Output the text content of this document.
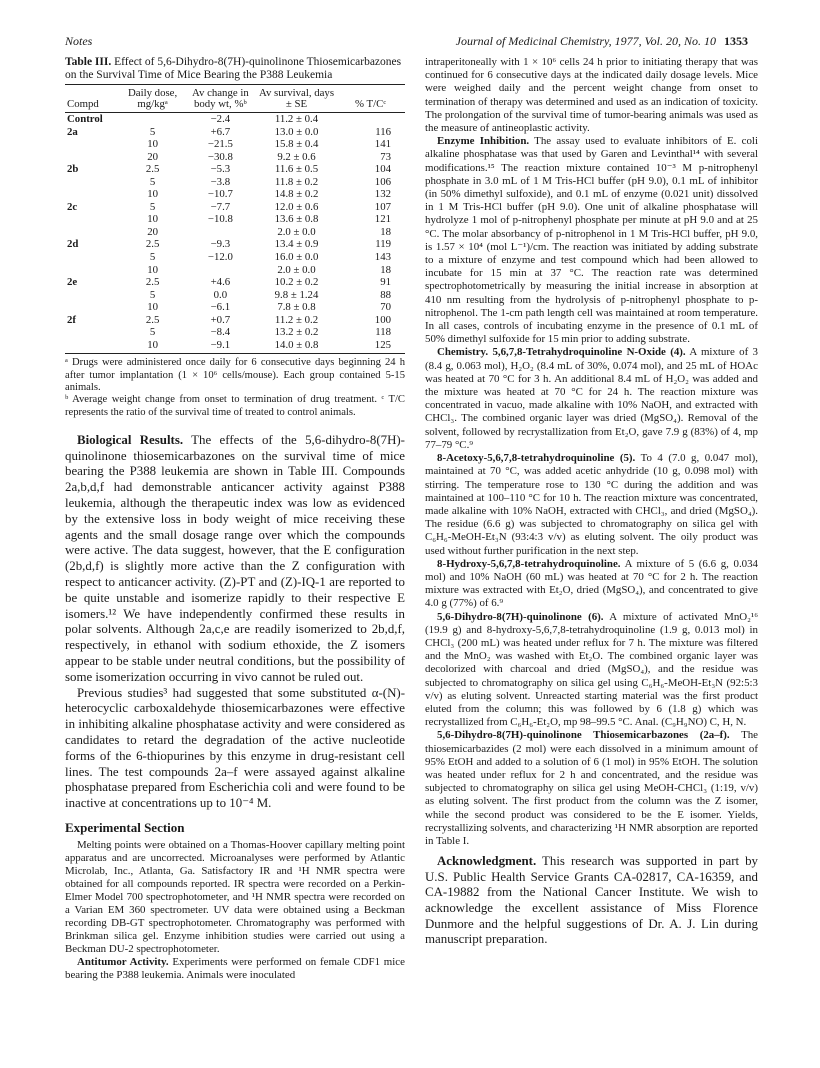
Notes	Journal of Medicinal Chemistry, 1977, Vol. 20, No. 10 1353

Table III. Effect of 5,6-Dihydro-8(7H)-quinolinone Thiosemicarbazones on the Survival Time of Mice Bearing the P388 Leukemia

Compd	Daily dose, mg/kgᵃ	Av change in body wt, %ᵇ	Av survival, days ± SE	% T/Cᶜ
Control		−2.4	11.2 ± 0.4	
2a	5	+6.7	13.0 ± 0.0	116
	10	−21.5	15.8 ± 0.4	141
	20	−30.8	9.2 ± 0.6	73
2b	2.5	−5.3	11.6 ± 0.5	104
	5	−3.8	11.8 ± 0.2	106
	10	−10.7	14.8 ± 0.2	132
2c	5	−7.7	12.0 ± 0.6	107
	10	−10.8	13.6 ± 0.8	121
	20		2.0 ± 0.0	18
2d	2.5	−9.3	13.4 ± 0.9	119
	5	−12.0	16.0 ± 0.0	143
	10		2.0 ± 0.0	18
2e	2.5	+4.6	10.2 ± 0.2	91
	5	0.0	9.8 ± 1.24	88
	10	−6.1	7.8 ± 0.8	70
2f	2.5	+0.7	11.2 ± 0.2	100
	5	−8.4	13.2 ± 0.2	118
	10	−9.1	14.0 ± 0.8	125

ᵃ Drugs were administered once daily for 6 consecutive days beginning 24 h after tumor implantation (1 × 10⁶ cells/mouse). Each group contained 5-15 animals.

ᵇ Average weight change from onset to termination of drug treatment. ᶜ T/C represents the ratio of the survival time of treated to control animals.

Biological Results. The effects of the 5,6-dihydro-8(7H)-quinolinone thiosemicarbazones on the survival time of mice bearing the P388 leukemia are shown in Table III. Compounds 2a,b,d,f had demonstrable anticancer activity against P388 leukemia, although the therapeutic index was low as evidenced by the extensive loss in body weight of mice receiving these agents and the small dosage range over which the compounds were active. The data suggest, however, that the E configuration (2b,d,f) is slightly more active than the Z configuration with respect to anticancer activity. (Z)-PT and (Z)-IQ-1 are reported to be quite unstable and isomerize rapidly to their respective E isomers.¹² We have independently confirmed these results in polar solvents. Although 2a,c,e are readily isomerized to 2b,d,f, respectively, in ethanol with sodium ethoxide, the Z isomers appear to be stable under neutral conditions, but the possibility of some isomerization occurring in vivo cannot be ruled out.

Previous studies³ had suggested that some substituted α-(N)-heterocyclic carboxaldehyde thiosemicarbazones were effective in inhibiting alkaline phosphatase activity and were considered as candidates to retard the degradation of the active nucleotide forms of the 6-thiopurines by this enzyme in drug-resistant cell lines. The test compounds 2a–f were assayed against alkaline phosphatase prepared from Escherichia coli and were found to be inactive at concentrations up to 10⁻⁴ M.

Experimental Section

Melting points were obtained on a Thomas-Hoover capillary melting point apparatus and are uncorrected. Microanalyses were performed by Atlantic Microlab, Inc., Atlanta, Ga. Satisfactory IR and ¹H NMR spectra were obtained for all compounds reported. IR spectra were recorded on a Perkin-Elmer Model 700 spectrophotometer, and ¹H NMR spectra were recorded on a Varian EM 360 spectrometer. UV data were obtained using a Beckman recording DB-GT spectrophotometer. Chromatography was performed with Brinkman silica gel. Enzyme inhibition studies were carried out using a Beckman DU-2 spectrophotometer.

Antitumor Activity. Experiments were performed on female CDF1 mice bearing the P388 leukemia. Animals were inoculated

intraperitoneally with 1 × 10⁶ cells 24 h prior to initiating therapy that was continued for 6 consecutive days at the indicated daily dosage levels. Mice were weighed daily and the percent weight change from onset to termination of therapy was determined and used as an indication of toxicity. The prolongation of the survival time of tumor-bearing animals was used as the measure of antineoplastic activity.

Enzyme Inhibition. The assay used to evaluate inhibitors of E. coli alkaline phosphatase was that used by Garen and Levinthal¹⁴ with several modifications.¹⁵ The reaction mixture contained 10⁻³ M p-nitrophenyl phosphate in 3.0 mL of 1 M Tris-HCl buffer (pH 9.0), 0.1 mL of inhibitor (in 50% dimethyl sulfoxide), and 0.1 mL of enzyme (0.021 unit) dissolved in 1 M Tris-HCl buffer (pH 9.0). One unit of alkaline phosphatase will hydrolyze 1 mol of p-nitrophenyl phosphate per minute at pH 9.0 and at 25 °C. The molar absorbancy of p-nitrophenol in 1 M Tris-HCl buffer, pH 9.0, is 1.57 × 10⁴ (mol L⁻¹)/cm. The reaction was initiated by adding substrate to a mixture of enzyme and test compound which had been allowed to incubate for 15 min at 37 °C. The reaction rate was determined spectrophotometrically by measuring the initial increase in absorption at 410 nm resulting from the hydrolysis of p-nitrophenyl phosphate to p-nitrophenol. The 1-cm path length cell was maintained at room temperature. In all cases, controls of incubating enzyme in the presence of 0.1 mL of 50% dimethyl sulfoxide for 15 min prior to adding substrate.

Chemistry. 5,6,7,8-Tetrahydroquinoline N-Oxide (4). A mixture of 3 (8.4 g, 0.063 mol), H₂O₂ (8.4 mL of 30%, 0.074 mol), and 25 mL of HOAc was heated at 70 °C for 3 h. An additional 8.4 mL of H₂O₂ was added and the mixture was heated at 70 °C for 24 h. The reaction mixture was concentrated in vacuo, made alkaline with 10% NaOH, and extracted with CHCl₃. The combined organic layer was dried (MgSO₄). Removal of the solvent, followed by recrystallization from Et₂O, gave 7.9 g (83%) of 4, mp 77–79 °C.⁹

8-Acetoxy-5,6,7,8-tetrahydroquinoline (5). To 4 (7.0 g, 0.047 mol), maintained at 70 °C, was added acetic anhydride (10 g, 0.098 mol) with stirring. The temperature rose to 130 °C during the addition and was maintained at 100–110 °C for 10 h. The reaction mixture was concentrated, made alkaline with 10% NaOH, extracted with CHCl₃, and dried (MgSO₄). The residue (6.6 g) was subjected to chromatography on silica gel with C₆H₆-MeOH-Et₃N (93:4:3 v/v) as eluting solvent. The oily product was used without further purification in the next step.

8-Hydroxy-5,6,7,8-tetrahydroquinoline. A mixture of 5 (6.6 g, 0.034 mol) and 10% NaOH (60 mL) was heated at 70 °C for 2 h. The reaction mixture was extracted with Et₂O, dried (MgSO₄), and concentrated to give 4.0 g (77%) of 6.⁹

5,6-Dihydro-8(7H)-quinolinone (6). A mixture of activated MnO₂¹⁶ (19.9 g) and 8-hydroxy-5,6,7,8-tetrahydroquinoline (1.9 g, 0.013 mol) in CHCl₃ (200 mL) was heated under reflux for 7 h. The mixture was filtered and the MnO₂ was washed with Et₂O. The combined organic layer was decolorized with charcoal and dried (MgSO₄), and the residue was subjected to chromatography on silica gel using C₆H₆-MeOH-Et₃N (92:5:3 v/v) as eluting solvent. Unreacted starting material was the first product eluted from the column; this was followed by 6 (1.8 g) which was recrystallized from C₆H₆-Et₂O, mp 98–99.5 °C. Anal. (C₉H₉NO) C, H, N.

5,6-Dihydro-8(7H)-quinolinone Thiosemicarbazones (2a–f). The thiosemicarbazides (2 mol) were each dissolved in a minimum amount of 95% EtOH and added to a solution of 6 (1 mol) in 95% EtOH. The solution was heated under reflux for 2 h and concentrated, and the residue was subjected to chromatography on silica gel using MeOH-CHCl₃ (1:19, v/v) as eluting solvent. The first product from the column was the Z isomer, while the second product was considered to be the E isomer. Yields, recrystallizing solvents, and characterizing ¹H NMR absorption are reported in Table I.

Acknowledgment. This research was supported in part by U.S. Public Health Service Grants CA-02817, CA-16359, and CA-19882 from the National Cancer Institute. We wish to acknowledge the excellent assistance of Miss Florence Dunmore and the helpful suggestions of Dr. A. J. Lin during manuscript preparation.
